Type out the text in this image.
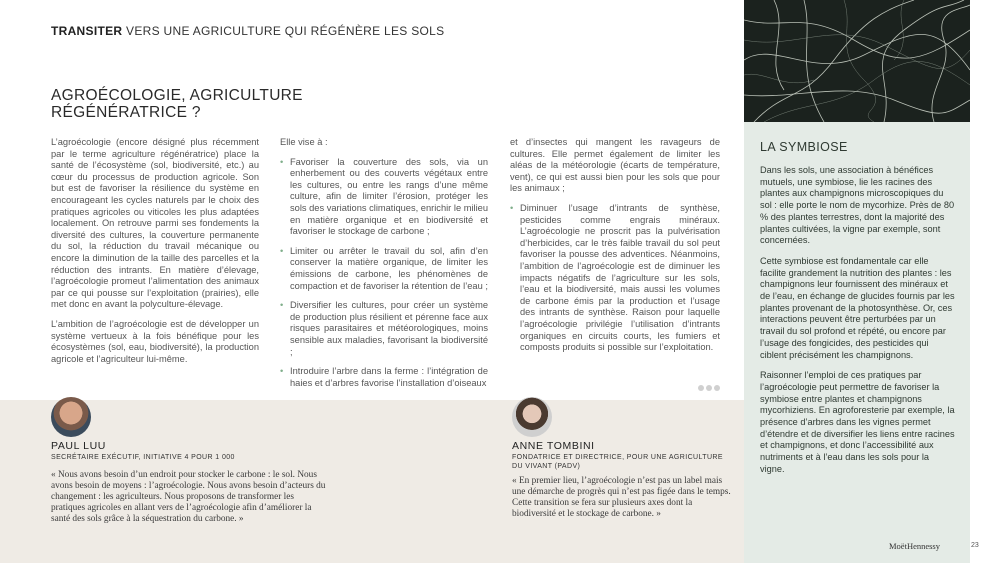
TRANSITER VERS UNE AGRICULTURE QUI RÉGÉNÈRE LES SOLS
AGROÉCOLOGIE, AGRICULTURE
RÉGÉNÉRATRICE ?

L’agroécologie (encore désigné plus récemment par le terme agriculture régénératrice) place la santé de l’écosystème (sol, biodiversité, etc.) au cœur du processus de production agricole. Son but est de favoriser la résilience du système en encourageant les cycles naturels par le choix des pratiques agricoles ou viticoles les plus adaptées localement. On retrouve parmi ses fondements la diversité des cultures, la couverture permanente du sol, la réduction du travail mécanique ou encore la diminution de la taille des parcelles et la réduction des intrants. En matière d’élevage, l’agroécologie promeut l’alimentation des animaux par ce qui pousse sur l’exploitation (prairies), elle met donc en avant la polyculture-élevage.

L’ambition de l’agroécologie est de développer un système vertueux à la fois bénéfique pour les écosystèmes (sol, eau, biodiversité), la production agricole et l’agriculteur lui-même.

Elle vise à :

• Favoriser la couverture des sols, via un enherbement ou des couverts végétaux entre les cultures, ou entre les rangs d’une même culture, afin de limiter l’érosion, protéger les sols des variations climatiques, enrichir le milieu en matière organique et en biodiversité et favoriser le stockage de carbone ;
• Limiter ou arrêter le travail du sol, afin d’en conserver la matière organique, de limiter les émissions de carbone, les phénomènes de compaction et de favoriser la rétention de l’eau ;
• Diversifier les cultures, pour créer un système de production plus résilient et pérenne face aux risques parasitaires et météorologiques, moins sensible aux maladies, favorisant la biodiversité ;
• Introduire l’arbre dans la ferme : l’intégration de haies et d’arbres favorise l’installation d’oiseaux

et d’insectes qui mangent les ravageurs de cultures. Elle permet également de limiter les aléas de la météorologie (écarts de température, vent), ce qui est aussi bien pour les sols que pour les animaux ;

• Diminuer l’usage d’intrants de synthèse, pesticides comme engrais minéraux. L’agroécologie ne proscrit pas la pulvérisation d’herbicides, car le très faible travail du sol peut favoriser la pousse des adventices. Néanmoins, l’ambition de l’agroécologie est de diminuer les impacts négatifs de l’agriculture sur les sols, l’eau et la biodiversité, mais aussi les volumes de carbone émis par la production et l’usage des intrants de synthèse. Raison pour laquelle l’agroécologie privilégie l’utilisation d’intrants organiques en circuits courts, les fumiers et composts produits si possible sur l’exploitation.
PAUL LUU
SECRÉTAIRE EXÉCUTIF, INITIATIVE 4 POUR 1 000
« Nous avons besoin d’un endroit pour stocker le carbone : le sol. Nous avons besoin de moyens : l’agroécologie. Nous avons besoin d’acteurs du changement : les agriculteurs. Nous proposons de transformer les pratiques agricoles en allant vers de l’agroécologie afin d’améliorer la santé des sols grâce à la séquestration du carbone. »
ANNE TOMBINI
FONDATRICE ET DIRECTRICE, POUR UNE AGRICULTURE DU VIVANT (PADV)
« En premier lieu, l’agroécologie n’est pas un label mais une démarche de progrès qui n’est pas figée dans le temps. Cette transition se fera sur plusieurs axes dont la biodiversité et le stockage de carbone. »
LA SYMBIOSE

Dans les sols, une association à bénéfices mutuels, une symbiose, lie les racines des plantes aux champignons microscopiques du sol : elle porte le nom de mycorhize. Près de 80 % des plantes terrestres, dont la majorité des plantes cultivées, la vigne par exemple, sont concernées.

Cette symbiose est fondamentale car elle facilite grandement la nutrition des plantes : les champignons leur fournissent des minéraux et de l’eau, en échange de glucides fournis par les plantes provenant de la photosynthèse. Or, ces interactions peuvent être perturbées par un travail du sol profond et répété, ou encore par l’usage des fongicides, des pesticides qui ciblent précisément les champignons.

Raisonner l’emploi de ces pratiques par l’agroécologie peut permettre de favoriser la symbiose entre plantes et champignons mycorhiziens. En agroforesterie par exemple, la présence d’arbres dans les vignes permet d’étendre et de diversifier les liens entre racines et champignons, et donc l’accessibilité aux nutriments et à l’eau dans les sols pour la vigne.

MoëtHennessy	23
